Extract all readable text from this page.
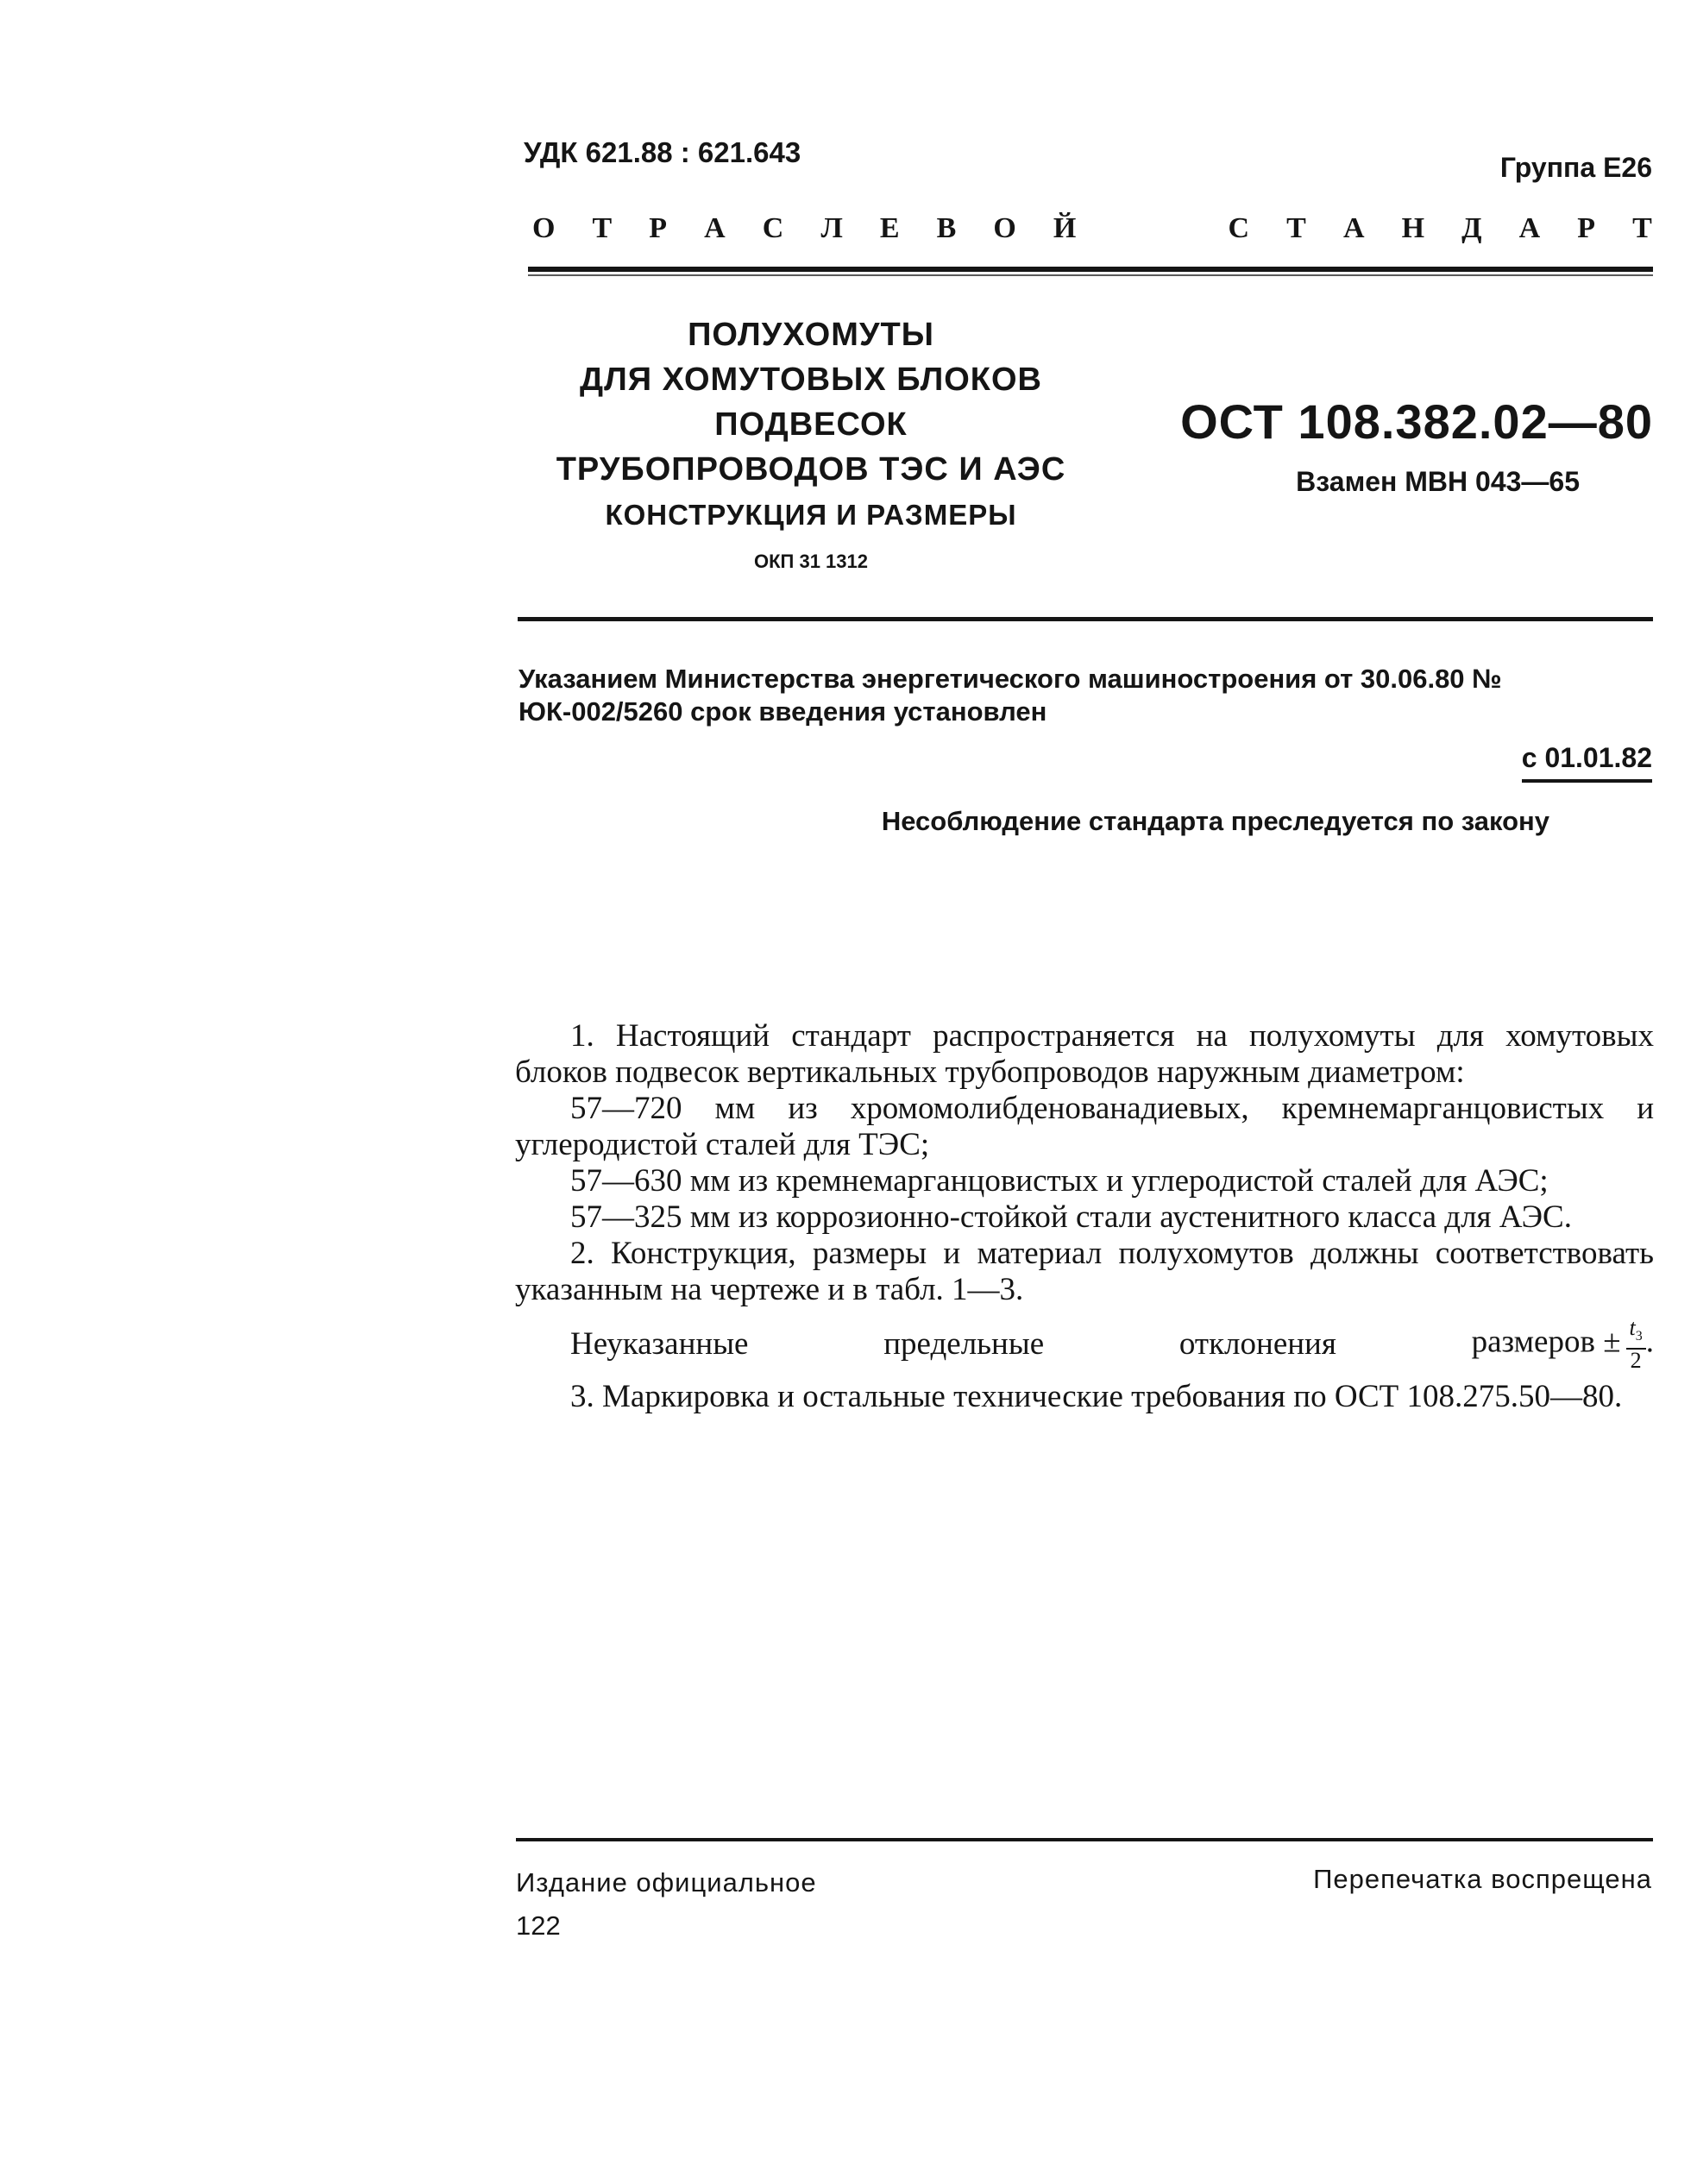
УДК 621.88 : 621.643	Группа Е26
О Т Р А С Л Е В О Й	С Т А Н Д А Р Т
ПОЛУХОМУТЫ
ДЛЯ ХОМУТОВЫХ БЛОКОВ
ПОДВЕСОК
ТРУБОПРОВОДОВ ТЭС И АЭС
КОНСТРУКЦИЯ И РАЗМЕРЫ
ОКП 31 1312
ОСТ 108.382.02—80
Взамен МВН 043—65
Указанием Министерства энергетического машиностроения от 30.06.80 № ЮК-002/5260 срок введения установлен
с 01.01.82
Несоблюдение стандарта преследуется по закону

1. Настоящий стандарт распространяется на полухомуты для хомутовых блоков подвесок вертикальных трубопроводов наружным диаметром:

57—720 мм из хромомолибденованадиевых, кремнемарганцовистых и углеродистой сталей для ТЭС;

57—630 мм из кремнемарганцовистых и углеродистой сталей для АЭС;

57—325 мм из коррозионно-стойкой стали аустенитного класса для АЭС.

2. Конструкция, размеры и материал полухомутов должны соответствовать указанным на чертеже и в табл. 1—3.

Неуказанные	предельные	отклонения	размеров ± $\frac{t_3}{2}$ .

3. Маркировка и остальные технические требования по ОСТ 108.275.50—80.

Издание официальное	Перепечатка воспрещена
122
